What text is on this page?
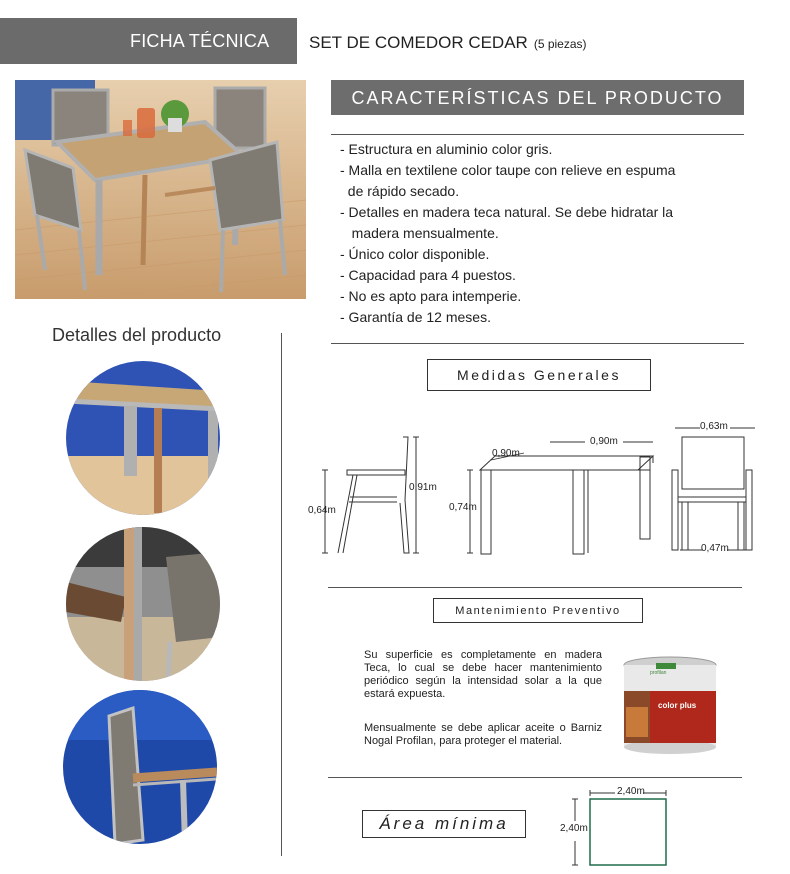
FICHA TÉCNICA SET DE COMEDOR CEDAR (5 piezas)
CARACTERÍSTICAS DEL PRODUCTO
- Estructura en aluminio color gris.
- Malla en textilene color taupe con relieve en espuma
de rápido secado.
- Detalles en madera teca natural. Se debe hidratar la
madera mensualmente.
- Único color disponible.
- Capacidad para 4 puestos.
- No es apto para intemperie.
- Garantía de 12 meses.
Detalles del producto
Medidas Generales
0,64m
0,91m
0,90m
0,90m
0,74m
0,63m
0,47m
Mantenimiento Preventivo
Su superficie es completamente en madera Teca, lo cual se debe hacer mantenimiento periódico según la intensidad solar a la que estará expuesta.
Mensualmente se debe aplicar aceite o Barniz Nogal Profilan, para proteger el material.
color plus
profilan
Área mínima
2,40m
2,40m
